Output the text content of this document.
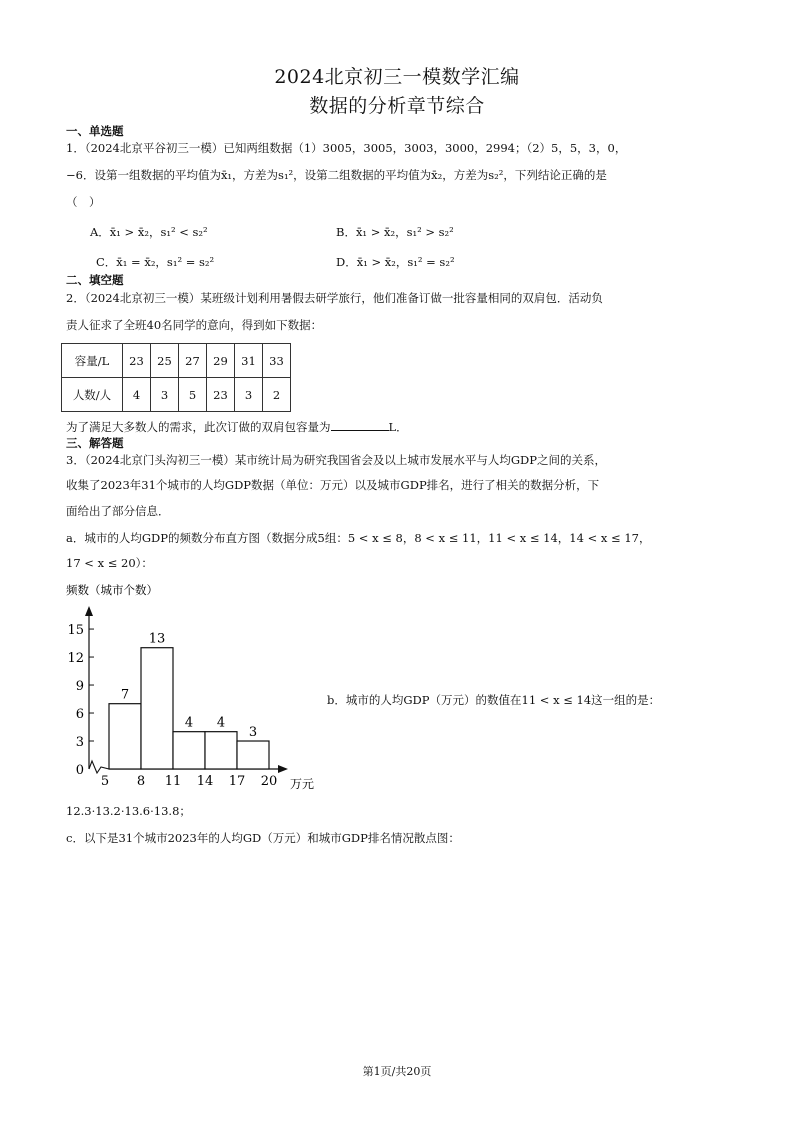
2024北京初三一模数学汇编
数据的分析章节综合
一、单选题
1．（2024北京平谷初三一模）已知两组数据（1）3005，3005，3003，3000，2994；（2）5，5，3，0，
−6．设第一组数据的平均值为x̄₁，方差为s₁²，设第二组数据的平均值为x̄₂，方差为s₂²，下列结论正确的是
（　）
A．x̄₁ > x̄₂，s₁² < s₂²	B．x̄₁ > x̄₂，s₁² > s₂²
C．x̄₁ = x̄₂，s₁² = s₂²	D．x̄₁ > x̄₂，s₁² = s₂²
二、填空题
2．（2024北京初三一模）某班级计划利用暑假去研学旅行，他们准备订做一批容量相同的双肩包．活动负
责人征求了全班40名同学的意向，得到如下数据：
容量/L	23	25	27	29	31	33
人数/人	4	3	5	23	3	2
为了满足大多数人的需求，此次订做的双肩包容量为	L．
三、解答题
3．（2024北京门头沟初三一模）某市统计局为研究我国省会及以上城市发展水平与人均GDP之间的关系，
收集了2023年31个城市的人均GDP数据（单位：万元）以及城市GDP排名，进行了相关的数据分析，下
面给出了部分信息．
a．城市的人均GDP的频数分布直方图（数据分成5组：5 < x ≤ 8，8 < x ≤ 11，11 < x ≤ 14，14 < x ≤ 17，
17 < x ≤ 20）：
0
3
6
9
12
15
7
13
4 4
3
5 8 11 14 17 20
频数（城市个数）
万元
b．城市的人均GDP（万元）的数值在11 < x ≤ 14这一组的是：
12.3·13.2·13.6·13.8；
c．以下是31个城市2023年的人均GD（万元）和城市GDP排名情况散点图：
第1页/共20页
